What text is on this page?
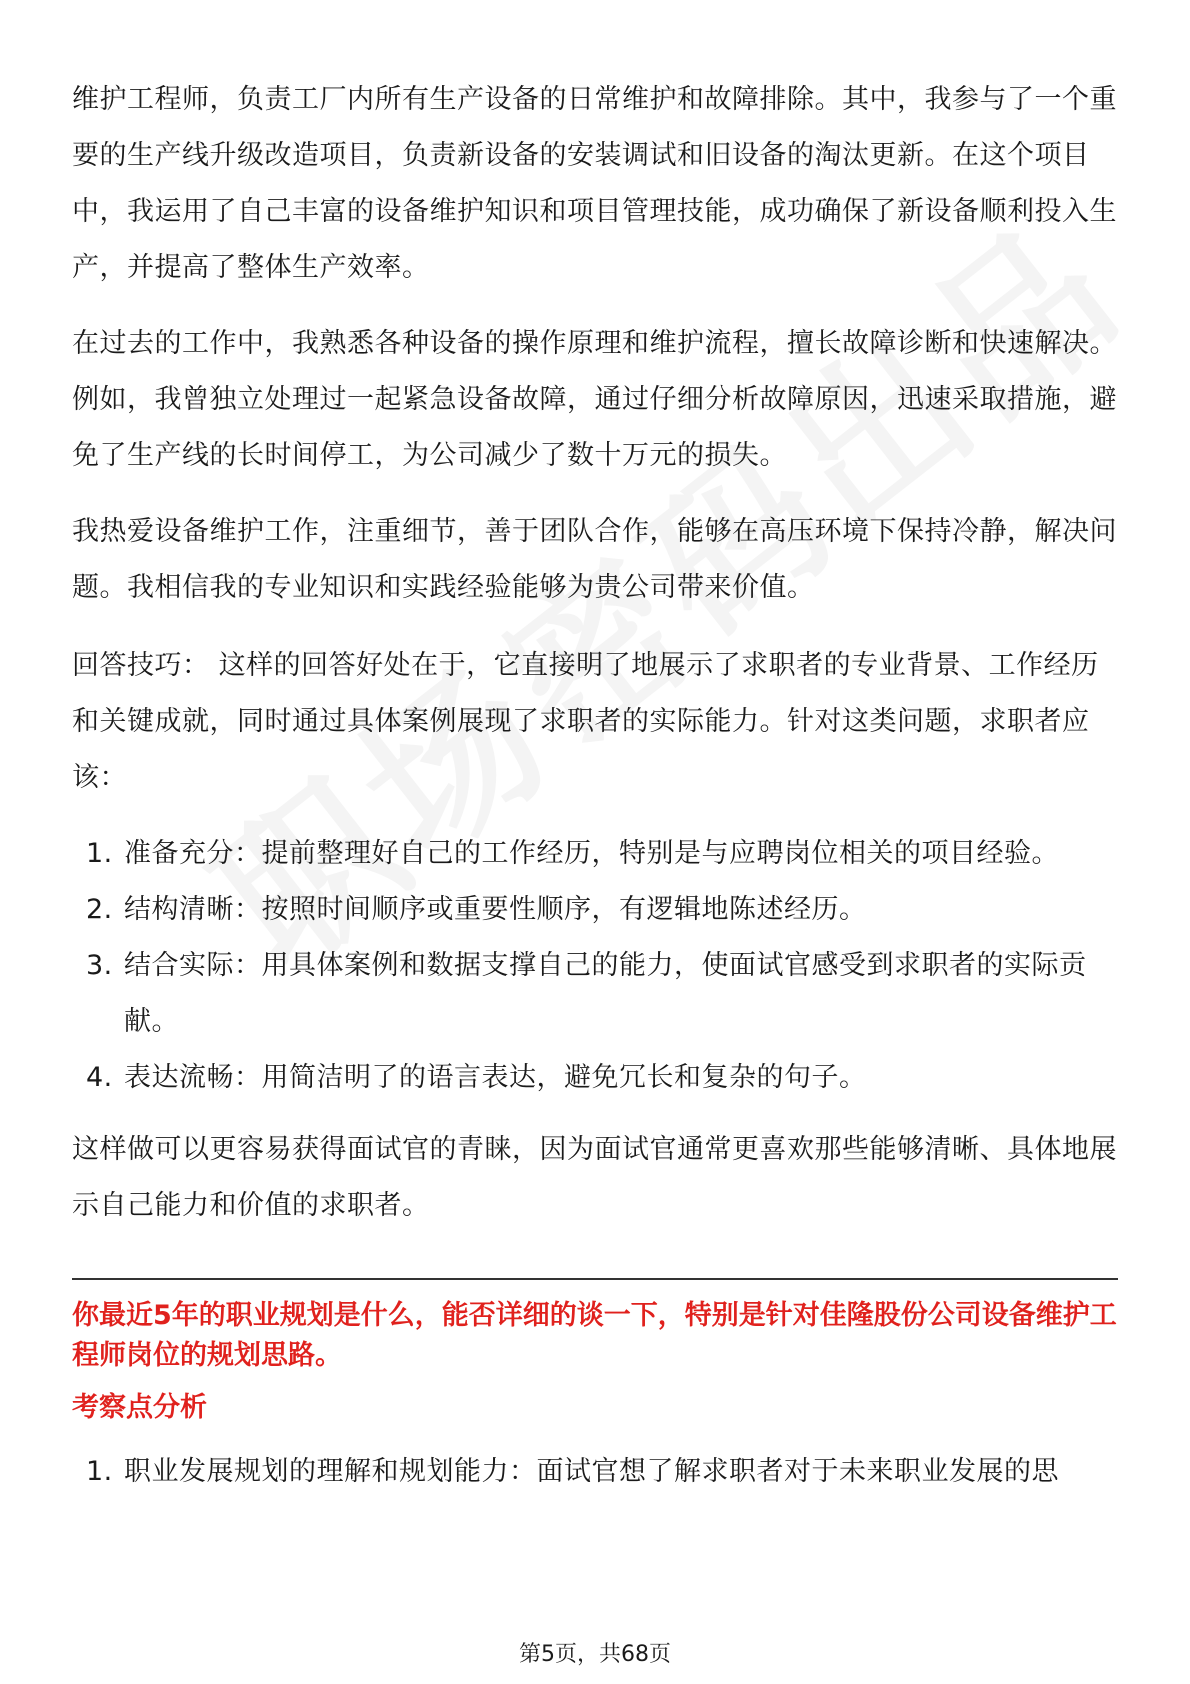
维护工程师，负责工厂内所有生产设备的日常维护和故障排除。其中，我参与了一个重要的生产线升级改造项目，负责新设备的安装调试和旧设备的淘汰更新。在这个项目中，我运用了自己丰富的设备维护知识和项目管理技能，成功确保了新设备顺利投入生产，并提高了整体生产效率。

在过去的工作中，我熟悉各种设备的操作原理和维护流程，擅长故障诊断和快速解决。例如，我曾独立处理过一起紧急设备故障，通过仔细分析故障原因，迅速采取措施，避免了生产线的长时间停工，为公司减少了数十万元的损失。

我热爱设备维护工作，注重细节，善于团队合作，能够在高压环境下保持冷静，解决问题。我相信我的专业知识和实践经验能够为贵公司带来价值。

回答技巧： 这样的回答好处在于，它直接明了地展示了求职者的专业背景、工作经历和关键成就，同时通过具体案例展现了求职者的实际能力。针对这类问题，求职者应该：

1. 准备充分：提前整理好自己的工作经历，特别是与应聘岗位相关的项目经验。
2. 结构清晰：按照时间顺序或重要性顺序，有逻辑地陈述经历。
3. 结合实际：用具体案例和数据支撑自己的能力，使面试官感受到求职者的实际贡献。
4. 表达流畅：用简洁明了的语言表达，避免冗长和复杂的句子。

这样做可以更容易获得面试官的青睐，因为面试官通常更喜欢那些能够清晰、具体地展示自己能力和价值的求职者。

你最近5年的职业规划是什么，能否详细的谈一下，特别是针对佳隆股份公司设备维护工程师岗位的规划思路。

考察点分析

1. 职业发展规划的理解和规划能力：面试官想了解求职者对于未来职业发展的思
第5页，共68页
